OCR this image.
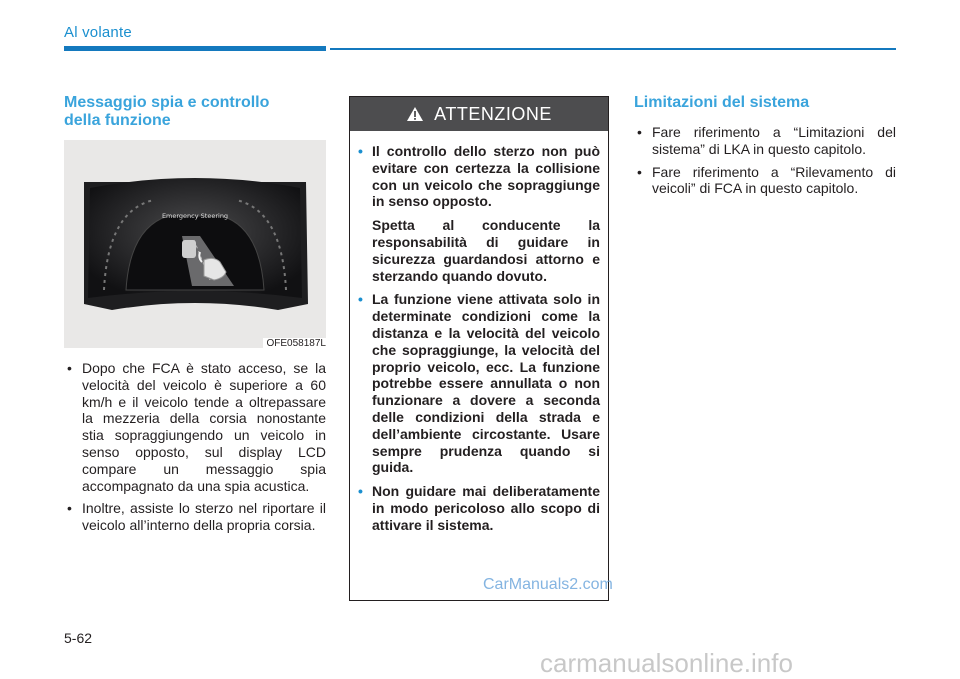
Al volante
Messaggio spia e controllo
della funzione
Emergency Steering
OFE058187L
• Dopo che FCA è stato acceso, se la velocità del veicolo è superiore a 60 km/h e il veicolo tende a oltrepassare la mezzeria della corsia nonostante stia sopraggiungendo un veicolo in senso opposto, sul display LCD compare un messaggio spia accompagnato da una spia acustica.
• Inoltre, assiste lo sterzo nel riportare il veicolo all’interno della propria corsia.
ATTENZIONE
• Il controllo dello sterzo non può evitare con certezza la collisione con un veicolo che sopraggiunge in senso opposto.
Spetta al conducente la responsabilità di guidare in sicurezza guardandosi attorno e sterzando quando dovuto.
• La funzione viene attivata solo in determinate condizioni come la distanza e la velocità del veicolo che sopraggiunge, la velocità del proprio veicolo, ecc. La funzione potrebbe essere annullata o non funzionare a dovere a seconda delle condizioni della strada e dell’ambiente circostante. Usare sempre prudenza quando si guida.
• Non guidare mai deliberatamente in modo pericoloso allo scopo di attivare il sistema.
Limitazioni del sistema
• Fare riferimento a “Limitazioni del sistema” di LKA in questo capitolo.
• Fare riferimento a “Rilevamento di veicoli” di FCA in questo capitolo.
5-62
CarManuals2.com
carmanualsonline.info
